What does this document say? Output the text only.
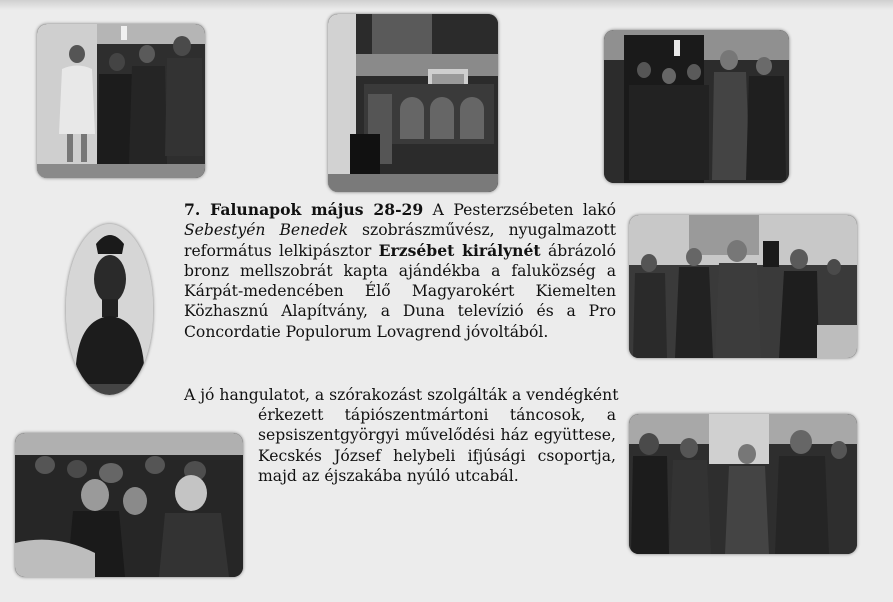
7. Falunapok május 28-29 A Pesterzsébeten lakó Sebestyén Benedek szobrászművész, nyugalmazott református lelkipásztor Erzsébet királynét ábrázoló bronz mellszobrát kapta ajándékba a faluközség a Kárpát-medencében Élő Magyarokért Kiemelten Közhasznú Alapítvány, a Duna televízió és a Pro Concordatie Populorum Lovagrend jóvoltából.
A jó hangulatot, a szórakozást szolgálták a vendégként
érkezett tápiószentmártoni táncosok, a sepsiszentgyörgyi művelődési ház együttese, Kecskés József helybeli ifjúsági csoportja, majd az éjszakába nyúló utcabál.
